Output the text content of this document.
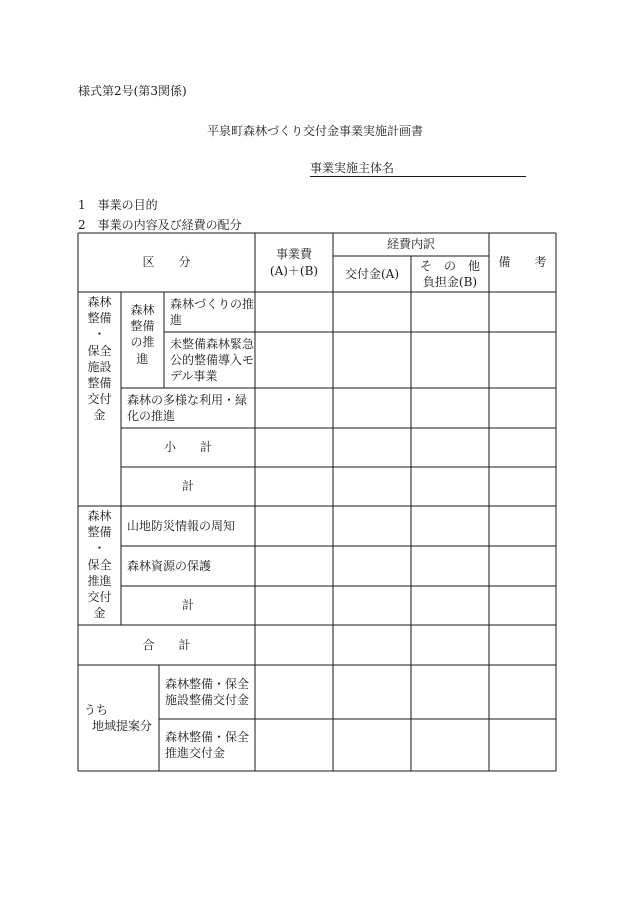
様式第2号(第3関係)
平泉町森林づくり交付金事業実施計画書
事業実施主体名
1　事業の目的
2　事業の内容及び経費の配分
区　　分
事業費
(A)＋(B)
経費内訳
交付金(A)
そ　の　他
負担金(B)
備　　考
森林
整備
・
保全
施設
整備
交付
金
森林
整備
の推
進
森林づくりの推進
未整備森林緊急公的整備導入モデル事業
森林の多様な利用・緑化の推進
小　　計
計
森林
整備
・
保全
推進
交付
金
山地防災情報の周知
森林資源の保護
計
合　　計
うち
地域提案分
森林整備・保全施設整備交付金
森林整備・保全推進交付金
